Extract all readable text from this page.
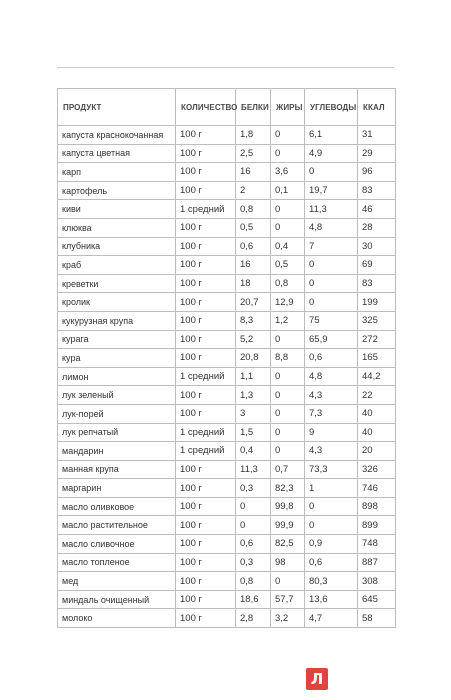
ПРОДУКТ	КОЛИЧЕСТВО	БЕЛКИ	ЖИРЫ	УГЛЕВОДЫ	ККАЛ
капуста краснокочанная	100 г	1,8	0	6,1	31
капуста цветная	100 г	2,5	0	4,9	29
карп	100 г	16	3,6	0	96
картофель	100 г	2	0,1	19,7	83
киви	1 средний	0,8	0	11,3	46
клюква	100 г	0,5	0	4,8	28
клубника	100 г	0,6	0,4	7	30
краб	100 г	16	0,5	0	69
креветки	100 г	18	0,8	0	83
кролик	100 г	20,7	12,9	0	199
кукурузная крупа	100 г	8,3	1,2	75	325
курага	100 г	5,2	0	65,9	272
кура	100 г	20,8	8,8	0,6	165
лимон	1 средний	1,1	0	4,8	44,2
лук зеленый	100 г	1,3	0	4,3	22
лук-порей	100 г	3	0	7,3	40
лук репчатый	1 средний	1,5	0	9	40
мандарин	1 средний	0,4	0	4,3	20
манная крупа	100 г	11,3	0,7	73,3	326
маргарин	100 г	0,3	82,3	1	746
масло оливковое	100 г	0	99,8	0	898
масло растительное	100 г	0	99,9	0	899
масло сливочное	100 г	0,6	82,5	0,9	748
масло топленое	100 г	0,3	98	0,6	887
мед	100 г	0,8	0	80,3	308
миндаль очищенный	100 г	18,6	57,7	13,6	645
молоко	100 г	2,8	3,2	4,7	58
Л
